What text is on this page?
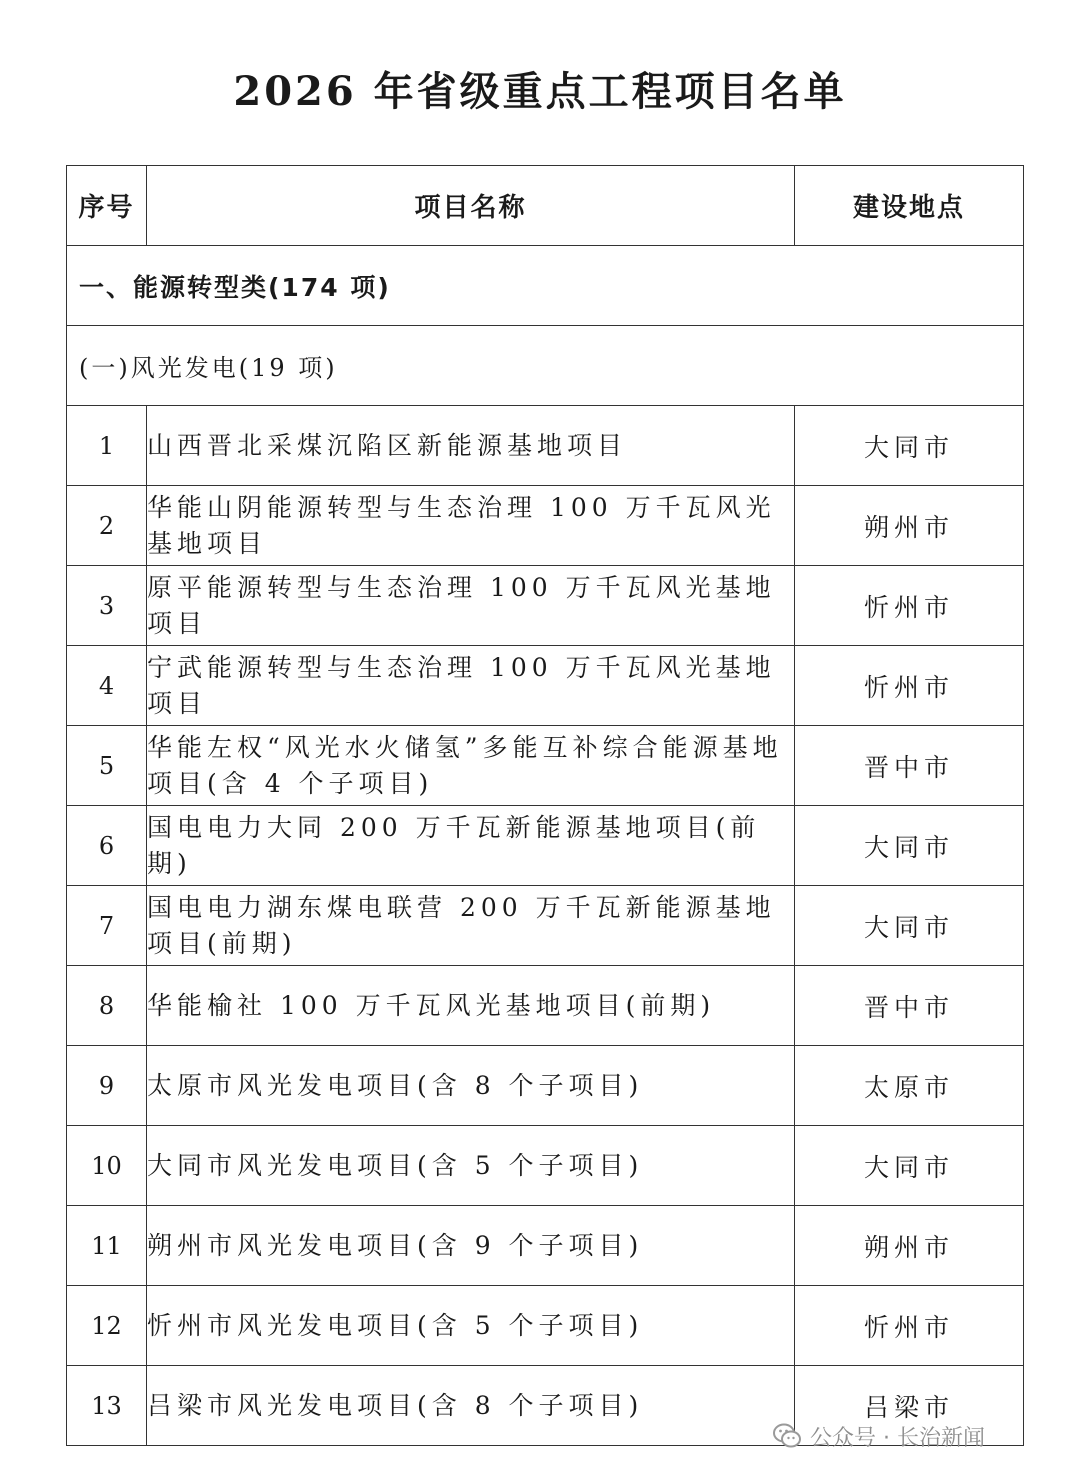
2026 年省级重点工程项目名单
序号	项目名称	建设地点
一、能源转型类(174 项)		
(一)风光发电(19 项)		
1	山西晋北采煤沉陷区新能源基地项目	大同市
2	华能山阴能源转型与生态治理 100 万千瓦风光基地项目	朔州市
3	原平能源转型与生态治理 100 万千瓦风光基地项目	忻州市
4	宁武能源转型与生态治理 100 万千瓦风光基地项目	忻州市
5	华能左权“风光水火储氢”多能互补综合能源基地项目(含 4 个子项目)	晋中市
6	国电电力大同 200 万千瓦新能源基地项目(前期)	大同市
7	国电电力湖东煤电联营 200 万千瓦新能源基地项目(前期)	大同市
8	华能榆社 100 万千瓦风光基地项目(前期)	晋中市
9	太原市风光发电项目(含 8 个子项目)	太原市
10	大同市风光发电项目(含 5 个子项目)	大同市
11	朔州市风光发电项目(含 9 个子项目)	朔州市
12	忻州市风光发电项目(含 5 个子项目)	忻州市
13	吕梁市风光发电项目(含 8 个子项目)	吕梁市
公众号 · 长治新闻
